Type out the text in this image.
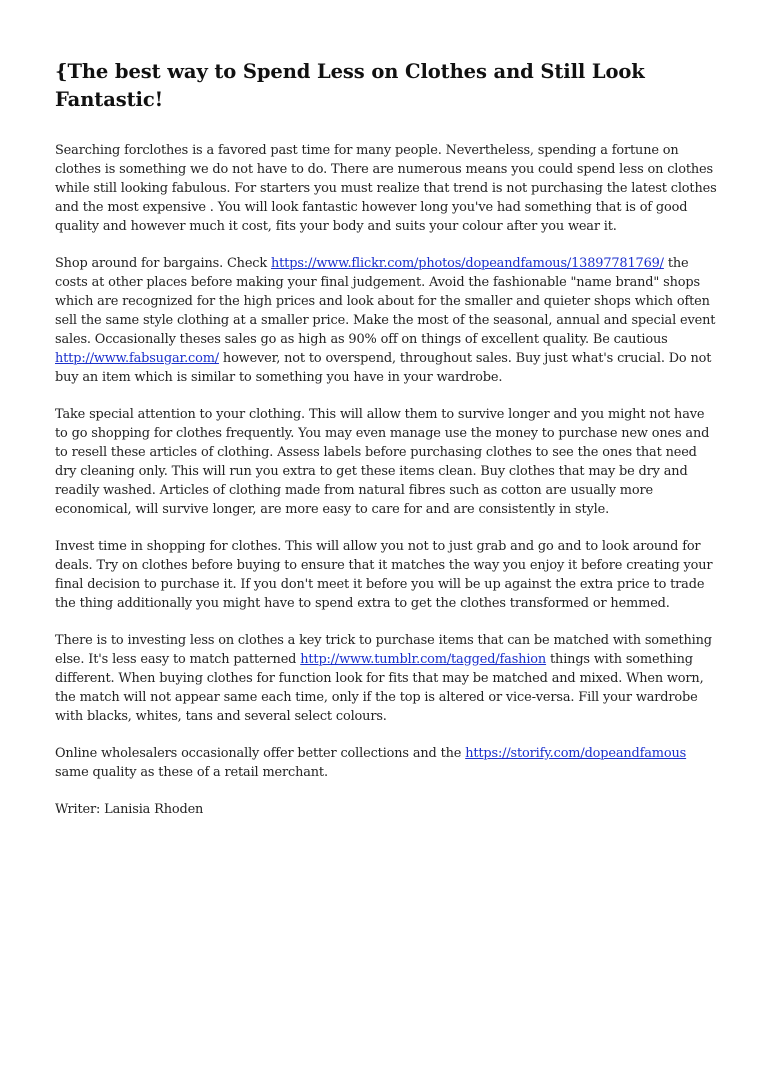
{The best way to Spend Less on Clothes and Still Look Fantastic!

Searching forclothes is a favored past time for many people. Nevertheless, spending a fortune on clothes is something we do not have to do. There are numerous means you could spend less on clothes while still looking fabulous. For starters you must realize that trend is not purchasing the latest clothes and the most expensive . You will look fantastic however long you've had something that is of good quality and however much it cost, fits your body and suits your colour after you wear it.

Shop around for bargains. Check https://www.flickr.com/photos/dopeandfamous/13897781769/ the costs at other places before making your final judgement. Avoid the fashionable "name brand" shops which are recognized for the high prices and look about for the smaller and quieter shops which often sell the same style clothing at a smaller price. Make the most of the seasonal, annual and special event sales. Occasionally theses sales go as high as 90% off on things of excellent quality. Be cautious http://www.fabsugar.com/ however, not to overspend, throughout sales. Buy just what's crucial. Do not buy an item which is similar to something you have in your wardrobe.

Take special attention to your clothing. This will allow them to survive longer and you might not have to go shopping for clothes frequently. You may even manage use the money to purchase new ones and to resell these articles of clothing. Assess labels before purchasing clothes to see the ones that need dry cleaning only. This will run you extra to get these items clean. Buy clothes that may be dry and readily washed. Articles of clothing made from natural fibres such as cotton are usually more economical, will survive longer, are more easy to care for and are consistently in style.

Invest time in shopping for clothes. This will allow you not to just grab and go and to look around for deals. Try on clothes before buying to ensure that it matches the way you enjoy it before creating your final decision to purchase it. If you don't meet it before you will be up against the extra price to trade the thing additionally you might have to spend extra to get the clothes transformed or hemmed.

There is to investing less on clothes a key trick to purchase items that can be matched with something else. It's less easy to match patterned http://www.tumblr.com/tagged/fashion things with something different. When buying clothes for function look for fits that may be matched and mixed. When worn, the match will not appear same each time, only if the top is altered or vice-versa. Fill your wardrobe with blacks, whites, tans and several select colours.

Online wholesalers occasionally offer better collections and the https://storify.com/dopeandfamous same quality as these of a retail merchant.

Writer: Lanisia Rhoden
